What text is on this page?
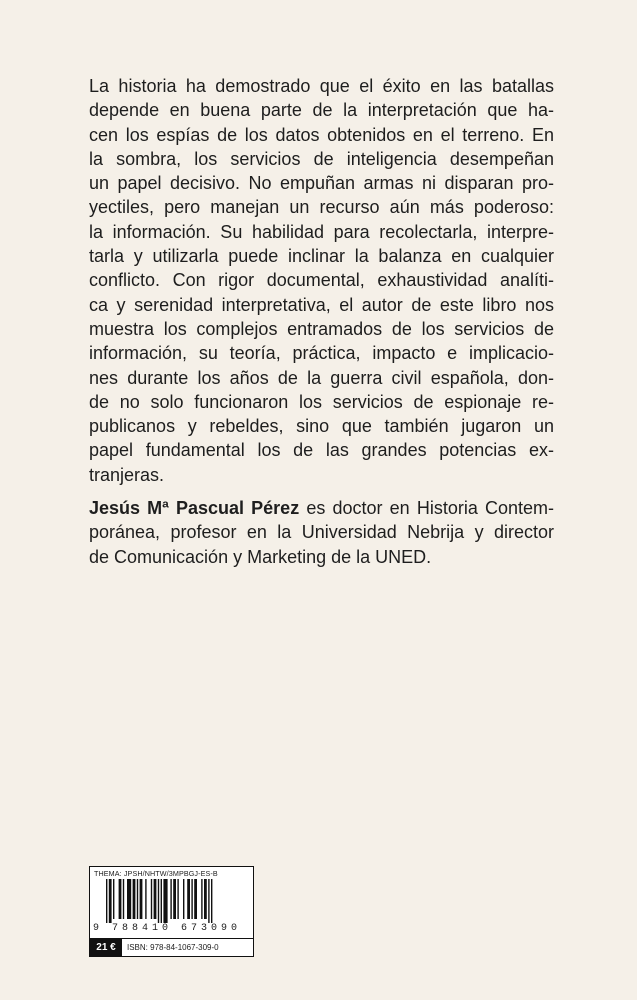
La historia ha demostrado que el éxito en las batallas
depende en buena parte de la interpretación que ha-
cen los espías de los datos obtenidos en el terreno. En
la sombra, los servicios de inteligencia desempeñan
un papel decisivo. No empuñan armas ni disparan pro-
yectiles, pero manejan un recurso aún más poderoso:
la información. Su habilidad para recolectarla, interpre-
tarla y utilizarla puede inclinar la balanza en cualquier
conflicto. Con rigor documental, exhaustividad analíti-
ca y serenidad interpretativa, el autor de este libro nos
muestra los complejos entramados de los servicios de
información, su teoría, práctica, impacto e implicacio-
nes durante los años de la guerra civil española, don-
de no solo funcionaron los servicios de espionaje re-
publicanos y rebeldes, sino que también jugaron un
papel fundamental los de las grandes potencias ex-
tranjeras.
Jesús Mª Pascual Pérez es doctor en Historia Contem-
poránea, profesor en la Universidad Nebrija y director
de Comunicación y Marketing de la UNED.
THEMA: JPSH/NHTW/3MPBGJ-ES-B
9 788410 673090
21 €	ISBN: 978-84-1067-309-0
